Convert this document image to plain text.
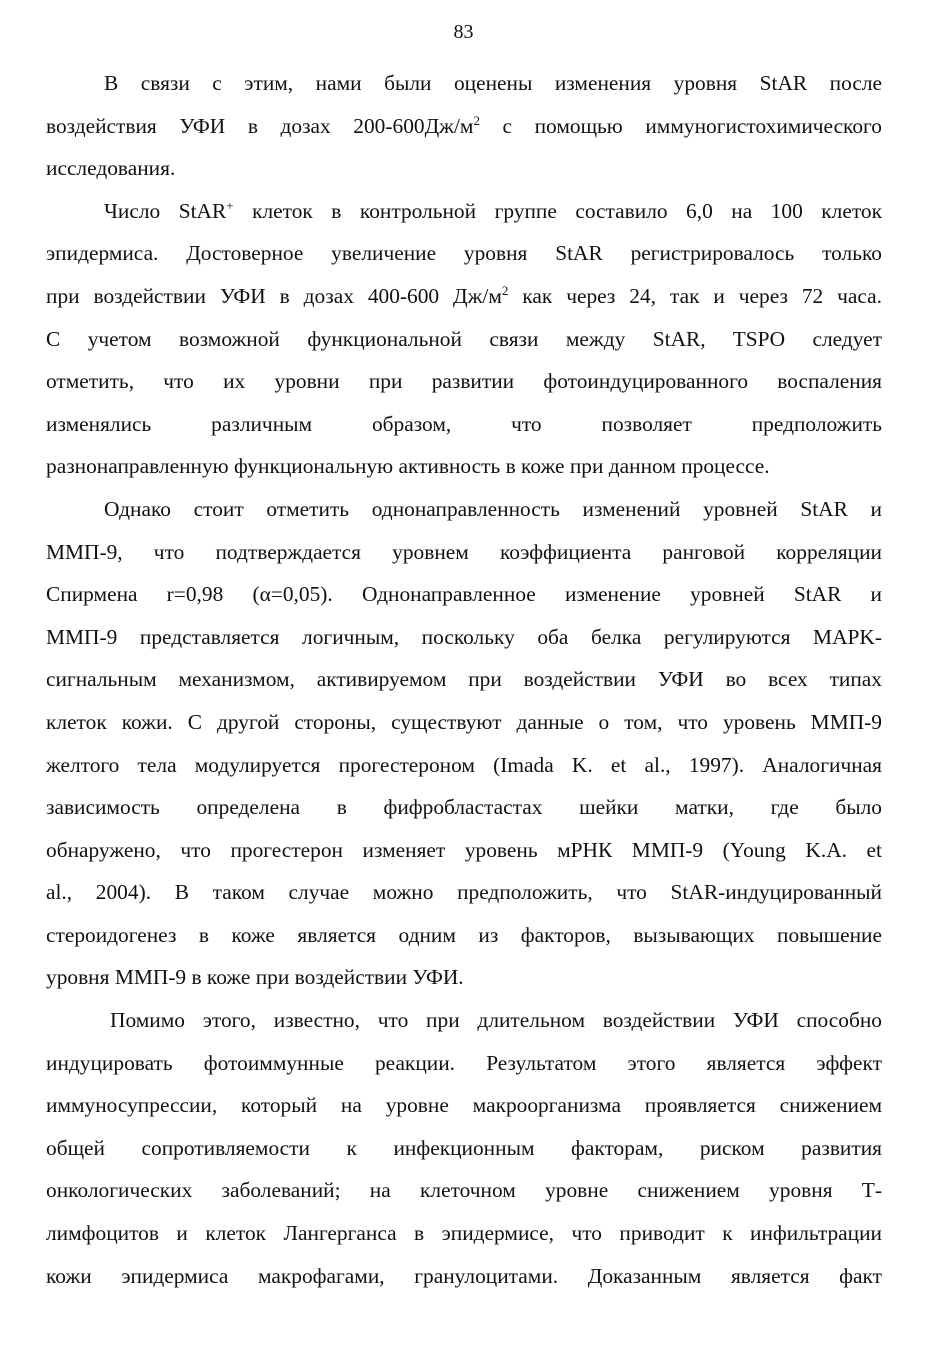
83
В связи с этим, нами были оценены изменения уровня StAR после
воздействия УФИ в дозах $200-600Дж/м^2$ с помощью иммуногистохимического
исследования.
Число StAR+ клеток в контрольной группе составило 6,0 на 100 клеток
эпидермиса. Достоверное увеличение уровня StAR регистрировалось только
при воздействии УФИ в дозах 400-600 $Дж/м^2$ как через 24, так и через 72 часа.
С учетом возможной функциональной связи между StAR, TSPO следует
отметить, что их уровни при развитии фотоиндуцированного воспаления
изменялись различным образом, что позволяет предположить
разнонаправленную функциональную активность в коже при данном процессе.
Однако стоит отметить однонаправленность изменений уровней StAR и
ММП-9, что подтверждается уровнем коэффициента ранговой корреляции
Спирмена r=0,98 (α=0,05). Однонаправленное изменение уровней StAR и
ММП-9 представляется логичным, поскольку оба белка регулируются MAPK-
сигнальным механизмом, активируемом при воздействии УФИ во всех типах
клеток кожи. С другой стороны, существуют данные о том, что уровень ММП-9
желтого тела модулируется прогестероном (Imada K. et al., 1997). Аналогичная
зависимость определена в фифробластастах шейки матки, где было
обнаружено, что прогестерон изменяет уровень мРНК ММП-9 (Young K.A. et
al., 2004). В таком случае можно предположить, что StAR-индуцированный
стероидогенез в коже является одним из факторов, вызывающих повышение
уровня ММП-9 в коже при воздействии УФИ.
Помимо этого, известно, что при длительном воздействии УФИ способно
индуцировать фотоиммунные реакции. Результатом этого является эффект
иммуносупрессии, который на уровне макроорганизма проявляется снижением
общей сопротивляемости к инфекционным факторам, риском развития
онкологических заболеваний; на клеточном уровне снижением уровня Т-
лимфоцитов и клеток Лангерганса в эпидермисе, что приводит к инфильтрации
кожи эпидермиса макрофагами, гранулоцитами. Доказанным является факт
